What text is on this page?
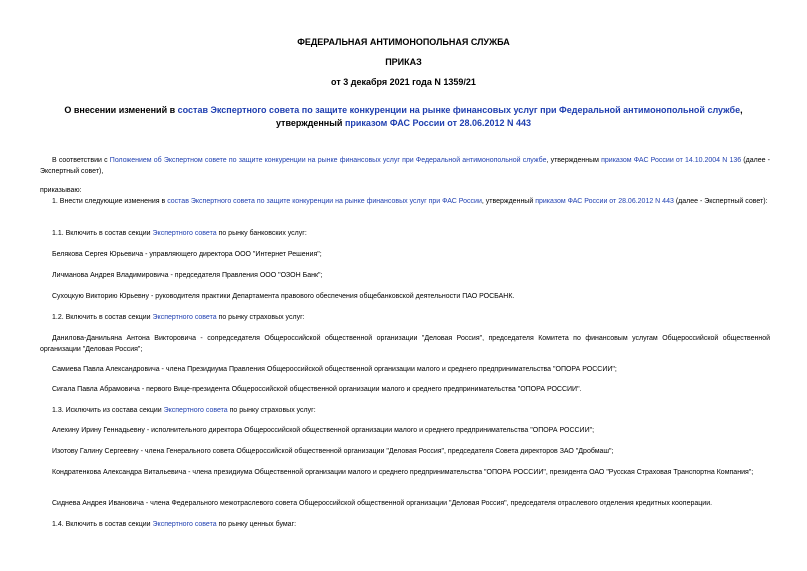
ФЕДЕРАЛЬНАЯ АНТИМОНОПОЛЬНАЯ СЛУЖБА
ПРИКАЗ
от 3 декабря 2021 года N 1359/21
О внесении изменений в состав Экспертного совета по защите конкуренции на рынке финансовых услуг при Федеральной антимонопольной службе, утвержденный приказом ФАС России от 28.06.2012 N 443
В соответствии с Положением об Экспертном совете по защите конкуренции на рынке финансовых услуг при Федеральной антимонопольной службе, утвержденным приказом ФАС России от 14.10.2004 N 136 (далее - Экспертный совет),
приказываю:
1. Внести следующие изменения в состав Экспертного совета по защите конкуренции на рынке финансовых услуг при ФАС России, утвержденный приказом ФАС России от 28.06.2012 N 443 (далее - Экспертный совет):
1.1. Включить в состав секции Экспертного совета по рынку банковских услуг:
Белякова Сергея Юрьевича - управляющего директора ООО "Интернет Решения";
Личманова Андрея Владимировича - председателя Правления ООО "ОЗОН Банк";
Сухоцкую Викторию Юрьевну - руководителя практики Департамента правового обеспечения общебанковской деятельности ПАО РОСБАНК.
1.2. Включить в состав секции Экспертного совета по рынку страховых услуг:
Данилова-Данильяна Антона Викторовича - сопредседателя Общероссийской общественной организации "Деловая Россия", председателя Комитета по финансовым услугам Общероссийской общественной организации "Деловая Россия";
Самиева Павла Александровича - члена Президиума Правления Общероссийской общественной организации малого и среднего предпринимательства "ОПОРА РОССИИ";
Сигала Павла Абрамовича - первого Вице-президента Общероссийской общественной организации малого и среднего предпринимательства "ОПОРА РОССИИ".
1.3. Исключить из состава секции Экспертного совета по рынку страховых услуг:
Алехину Ирину Геннадьевну - исполнительного директора Общероссийской общественной организации малого и среднего предпринимательства "ОПОРА РОССИИ";
Изотову Галину Сергеевну - члена Генерального совета Общероссийской общественной организации "Деловая Россия", председателя Совета директоров ЗАО "Дробмаш";
Кондратенкова Александра Витальевича - члена президиума Общественной организации малого и среднего предпринимательства "ОПОРА РОССИИ", президента ОАО "Русская Страховая Транспортна Компания";
Сиднева Андрея Ивановича - члена Федерального межотраслевого совета Общероссийской общественной организации "Деловая Россия", председателя отраслевого отделения кредитных кооперации.
1.4. Включить в состав секции Экспертного совета по рынку ценных бумаг:
